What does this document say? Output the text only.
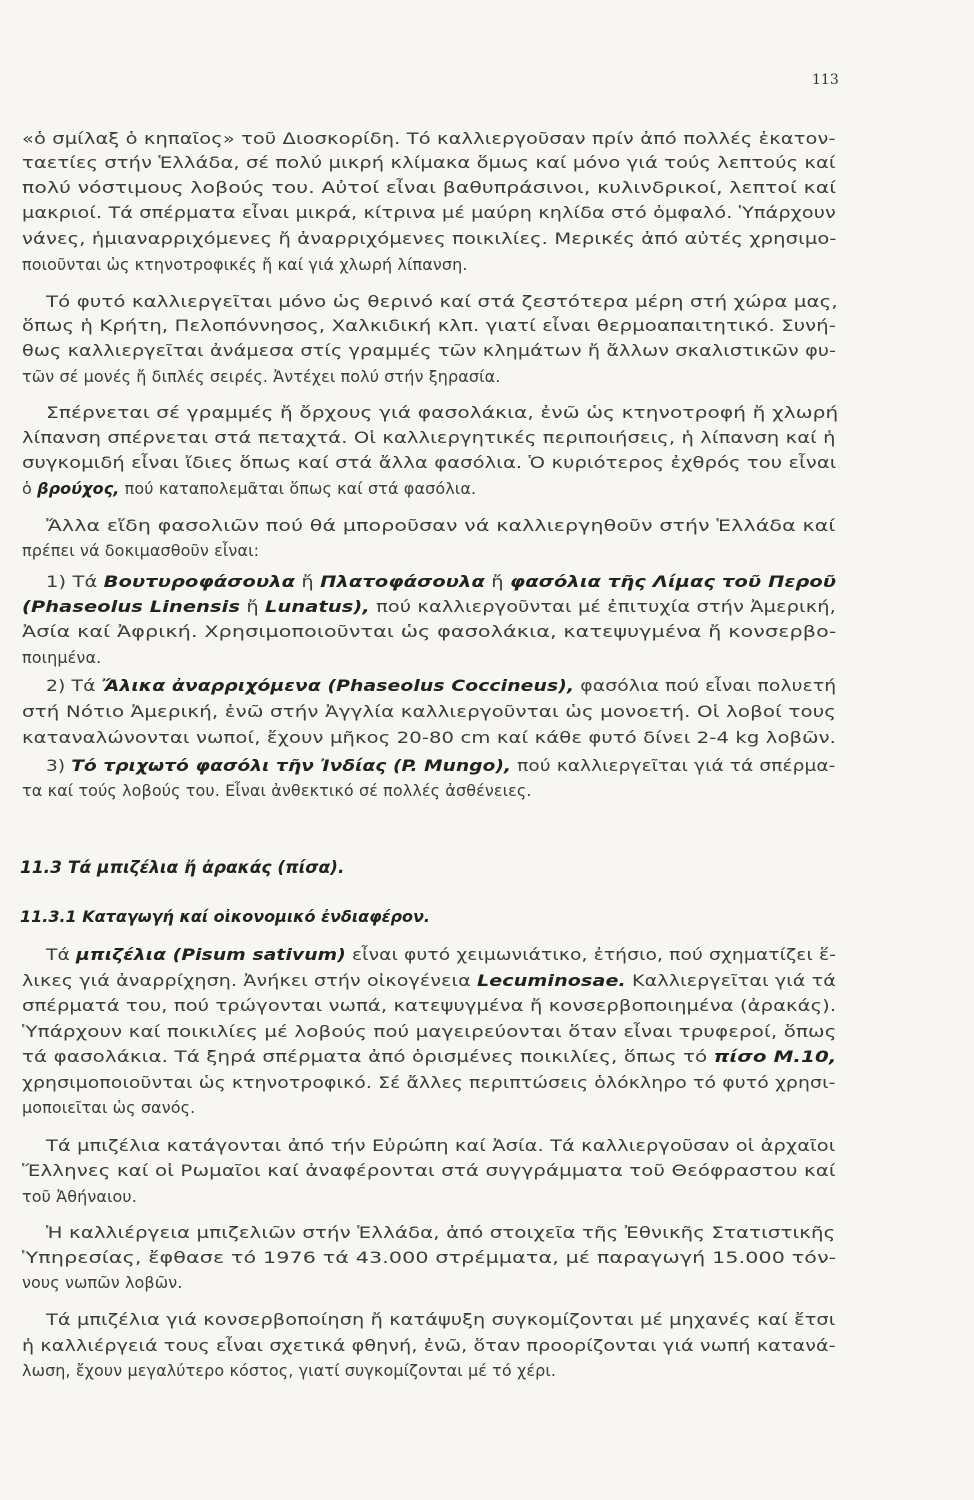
113
«ὁ σμίλαξ ὁ κηπαῖος» τοῦ Διοσκορίδη. Τό καλλιεργοῦσαν πρίν ἀπό πολλές ἑκατον-
ταετίες στήν Ἑλλάδα, σέ πολύ μικρή κλίμακα ὅμως καί μόνο γιά τούς λεπτούς καί
πολύ νόστιμους λοβούς του. Αὐτοί εἶναι βαθυπράσινοι, κυλινδρικοί, λεπτοί καί
μακριοί. Τά σπέρματα εἶναι μικρά, κίτρινα μέ μαύρη κηλίδα στό ὀμφαλό. Ὑπάρχουν
νάνες, ἡμιαναρριχόμενες ἤ ἀναρριχόμενες ποικιλίες. Μερικές ἀπό αὐτές χρησιμο-
ποιοῦνται ὡς κτηνοτροφικές ἤ καί γιά χλωρή λίπανση.
Τό φυτό καλλιεργεῖται μόνο ὡς θερινό καί στά ζεστότερα μέρη στή χώρα μας,
ὅπως ἡ Κρήτη, Πελοπόννησος, Χαλκιδική κλπ. γιατί εἶναι θερμοαπαιτητικό. Συνή-
θως καλλιεργεῖται ἀνάμεσα στίς γραμμές τῶν κλημάτων ἤ ἄλλων σκαλιστικῶν φυ-
τῶν σέ μονές ἤ διπλές σειρές. Ἀντέχει πολύ στήν ξηρασία.
Σπέρνεται σέ γραμμές ἤ ὄρχους γιά φασολάκια, ἐνῶ ὡς κτηνοτροφή ἤ χλωρή
λίπανση σπέρνεται στά πεταχτά. Οἱ καλλιεργητικές περιποιήσεις, ἡ λίπανση καί ἡ
συγκομιδή εἶναι ἴδιες ὅπως καί στά ἄλλα φασόλια. Ὁ κυριότερος ἐχθρός του εἶναι
ὁ βρούχος, πού καταπολεμᾶται ὅπως καί στά φασόλια.
Ἄλλα εἴδη φασολιῶν πού θά μποροῦσαν νά καλλιεργηθοῦν στήν Ἑλλάδα καί
πρέπει νά δοκιμασθοῦν εἶναι:
1) Τά Βουτυροφάσουλα ἤ Πλατοφάσουλα ἤ φασόλια τῆς Λίμας τοῦ Περοῦ
(Phaseolus Linensis ἤ Lunatus), πού καλλιεργοῦνται μέ ἐπιτυχία στήν Ἀμερική,
Ἀσία καί Ἀφρική. Χρησιμοποιοῦνται ὡς φασολάκια, κατεψυγμένα ἤ κονσερβο-
ποιημένα.
2) Τά Ἄλικα ἀναρριχόμενα (Phaseolus Coccineus), φασόλια πού εἶναι πολυετή
στή Νότιο Ἀμερική, ἐνῶ στήν Ἀγγλία καλλιεργοῦνται ὡς μονοετή. Οἱ λοβοί τους
καταναλώνονται νωποί, ἔχουν μῆκος 20-80 cm καί κάθε φυτό δίνει 2-4 kg λοβῶν.
3) Τό τριχωτό φασόλι τῆν Ἰνδίας (P. Mungo), πού καλλιεργεῖται γιά τά σπέρμα-
τα καί τούς λοβούς του. Εἶναι ἀνθεκτικό σέ πολλές ἀσθένειες.
Τά μπιζέλια (Pisum sativum) εἶναι φυτό χειμωνιάτικο, ἐτήσιο, πού σχηματίζει ἕ-
λικες γιά ἀναρρίχηση. Ἀνήκει στήν οἰκογένεια Lecuminosae. Καλλιεργεῖται γιά τά
σπέρματά του, πού τρώγονται νωπά, κατεψυγμένα ἤ κονσερβοποιημένα (ἀρακάς).
Ὑπάρχουν καί ποικιλίες μέ λοβούς πού μαγειρεύονται ὅταν εἶναι τρυφεροί, ὅπως
τά φασολάκια. Τά ξηρά σπέρματα ἀπό ὁρισμένες ποικιλίες, ὅπως τό πίσο Μ.10,
χρησιμοποιοῦνται ὡς κτηνοτροφικό. Σέ ἄλλες περιπτώσεις ὁλόκληρο τό φυτό χρησι-
μοποιεῖται ὡς σανός.
Τά μπιζέλια κατάγονται ἀπό τήν Εὐρώπη καί Ἀσία. Τά καλλιεργοῦσαν οἱ ἀρχαῖοι
Ἕλληνες καί οἱ Ρωμαῖοι καί ἀναφέρονται στά συγγράμματα τοῦ Θεόφραστου καί
τοῦ Ἀθήναιου.
Ἡ καλλιέργεια μπιζελιῶν στήν Ἑλλάδα, ἀπό στοιχεῖα τῆς Ἐθνικῆς Στατιστικῆς
Ὑπηρεσίας, ἔφθασε τό 1976 τά 43.000 στρέμματα, μέ παραγωγή 15.000 τόν-
νους νωπῶν λοβῶν.
Τά μπιζέλια γιά κονσερβοποίηση ἤ κατάψυξη συγκομίζονται μέ μηχανές καί ἔτσι
ἡ καλλιέργειά τους εἶναι σχετικά φθηνή, ἐνῶ, ὅταν προορίζονται γιά νωπή κατανά-
λωση, ἔχουν μεγαλύτερο κόστος, γιατί συγκομίζονται μέ τό χέρι.
11.3 Τά μπιζέλια ἤ ἀρακάς (πίσα).
11.3.1 Καταγωγή καί οἰκονομικό ἐνδιαφέρον.
